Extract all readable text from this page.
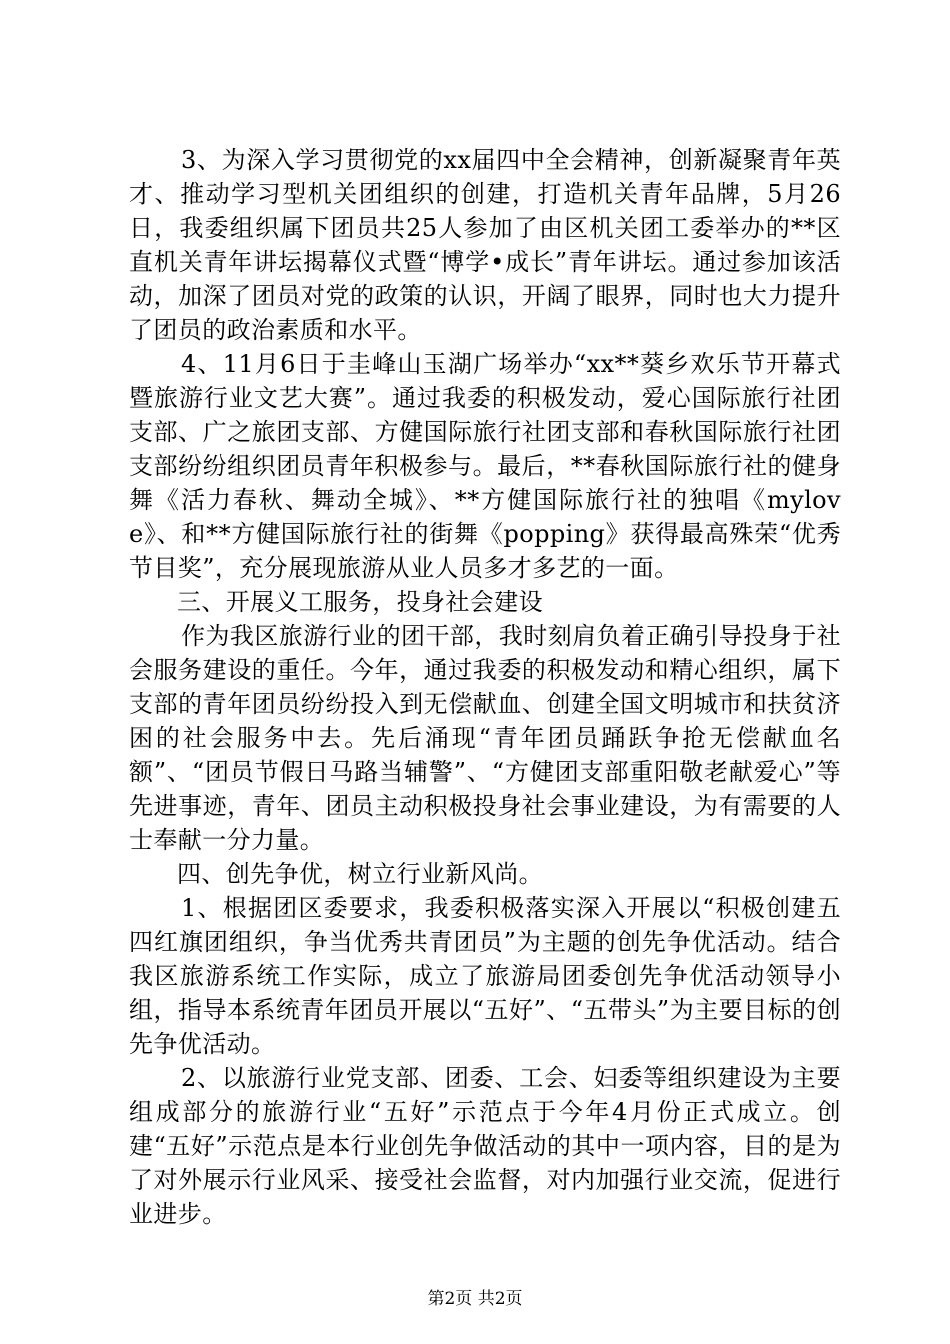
3、为深入学习贯彻党的xx届四中全会精神，创新凝聚青年英才、推动学习型机关团组织的创建，打造机关青年品牌，5月26日，我委组织属下团员共25人参加了由区机关团工委举办的**区直机关青年讲坛揭幕仪式暨“博学•成长”青年讲坛。通过参加该活动，加深了团员对党的政策的认识，开阔了眼界，同时也大力提升了团员的政治素质和水平。

4、11月6日于圭峰山玉湖广场举办“xx**葵乡欢乐节开幕式暨旅游行业文艺大赛”。通过我委的积极发动，爱心国际旅行社团支部、广之旅团支部、方健国际旅行社团支部和春秋国际旅行社团支部纷纷组织团员青年积极参与。最后，**春秋国际旅行社的健身舞《活力春秋、舞动全城》、**方健国际旅行社的独唱《mylove》、和**方健国际旅行社的街舞《popping》获得最高殊荣“优秀节目奖”，充分展现旅游从业人员多才多艺的一面。

三、开展义工服务，投身社会建设

作为我区旅游行业的团干部，我时刻肩负着正确引导投身于社会服务建设的重任。今年，通过我委的积极发动和精心组织，属下支部的青年团员纷纷投入到无偿献血、创建全国文明城市和扶贫济困的社会服务中去。先后涌现“青年团员踊跃争抢无偿献血名额”、“团员节假日马路当辅警”、“方健团支部重阳敬老献爱心”等先进事迹，青年、团员主动积极投身社会事业建设，为有需要的人士奉献一分力量。

四、创先争优，树立行业新风尚。

1、根据团区委要求，我委积极落实深入开展以“积极创建五四红旗团组织，争当优秀共青团员”为主题的创先争优活动。结合我区旅游系统工作实际，成立了旅游局团委创先争优活动领导小组，指导本系统青年团员开展以“五好”、“五带头”为主要目标的创先争优活动。

2、以旅游行业党支部、团委、工会、妇委等组织建设为主要组成部分的旅游行业“五好”示范点于今年4月份正式成立。创建“五好”示范点是本行业创先争做活动的其中一项内容，目的是为了对外展示行业风采、接受社会监督，对内加强行业交流，促进行业进步。

第2页 共2页
